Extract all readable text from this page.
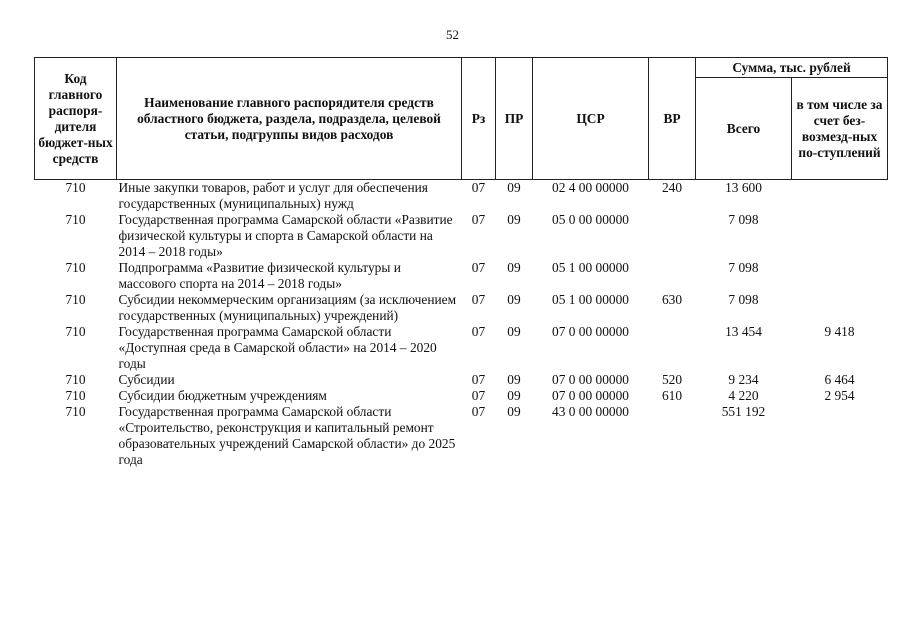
52
Код главного распоря-дителя бюджет-ных средств	Наименование главного распорядителя средств областного бюджета, раздела, подраздела, целевой статьи, подгруппы видов расходов	Рз	ПР	ЦСР	ВР	Сумма, тыс. рублей	
						Всего	в том числе за счет без-возмезд-ных по-ступлений
710	Иные закупки товаров, работ и услуг для обеспечения государственных (муниципальных) нужд	07	09	02 4 00 00000	240	13 600	
710	Государственная программа Самарской области «Развитие физической культуры и спорта в Самарской области на 2014 – 2018 годы»	07	09	05 0 00 00000		7 098	
710	Подпрограмма «Развитие физической культуры и массового спорта на 2014 – 2018 годы»	07	09	05 1 00 00000		7 098	
710	Субсидии некоммерческим организациям (за исключением государственных (муниципальных) учреждений)	07	09	05 1 00 00000	630	7 098	
710	Государственная программа Самарской области «Доступная среда в Самарской области» на 2014 – 2020 годы	07	09	07 0 00 00000		13 454	9 418
710	Субсидии	07	09	07 0 00 00000	520	9 234	6 464
710	Субсидии бюджетным учреждениям	07	09	07 0 00 00000	610	4 220	2 954
710	Государственная программа Самарской области «Строительство, реконструкция и капитальный ремонт образовательных учреждений Самарской области» до 2025 года	07	09	43 0 00 00000		551 192	
